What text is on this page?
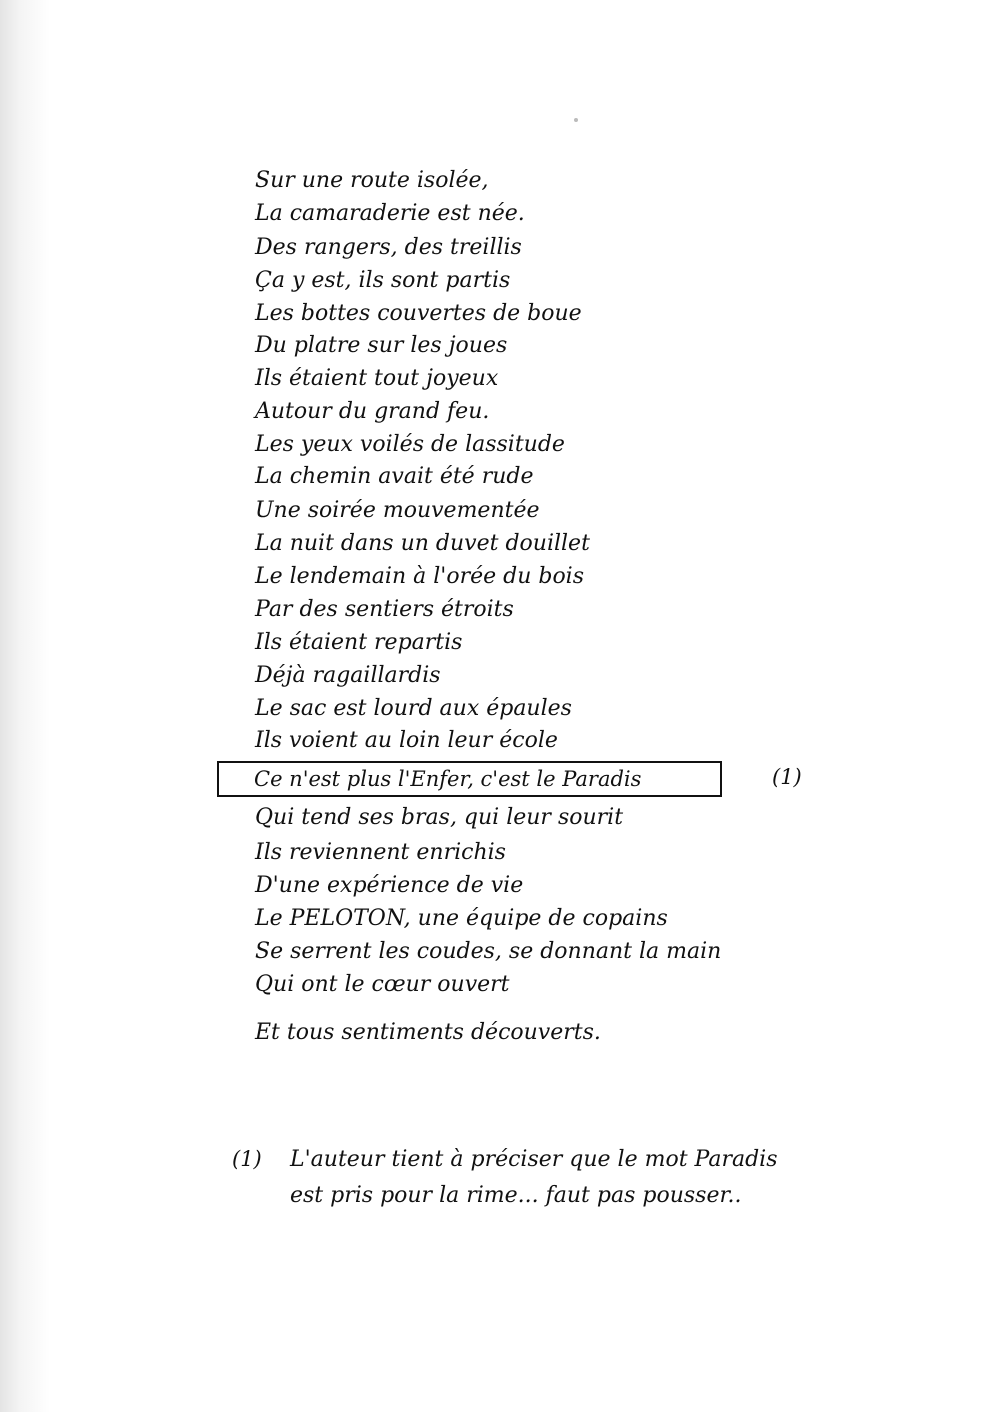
Sur une route isolée,
La camaraderie est née.
Des rangers, des treillis
Ça y est, ils sont partis
Les bottes couvertes de boue
Du platre sur les joues
Ils étaient tout joyeux
Autour du grand feu.
Les yeux voilés de lassitude
La chemin avait été rude
Une soirée mouvementée
La nuit dans un duvet douillet
Le lendemain à l'orée du bois
Par des sentiers étroits
Ils étaient repartis
Déjà ragaillardis
Le sac est lourd aux épaules
Ils voient au loin leur école
Qui tend ses bras, qui leur sourit
Ils reviennent enrichis
D'une expérience de vie
Le PELOTON, une équipe de copains
Se serrent les coudes, se donnant la main
Qui ont le cœur ouvert
Et tous sentiments découverts.
Ce n'est plus l'Enfer, c'est le Paradis	(1)
(1) L'auteur tient à préciser que le mot Paradis
est pris pour la rime... faut pas pousser..
